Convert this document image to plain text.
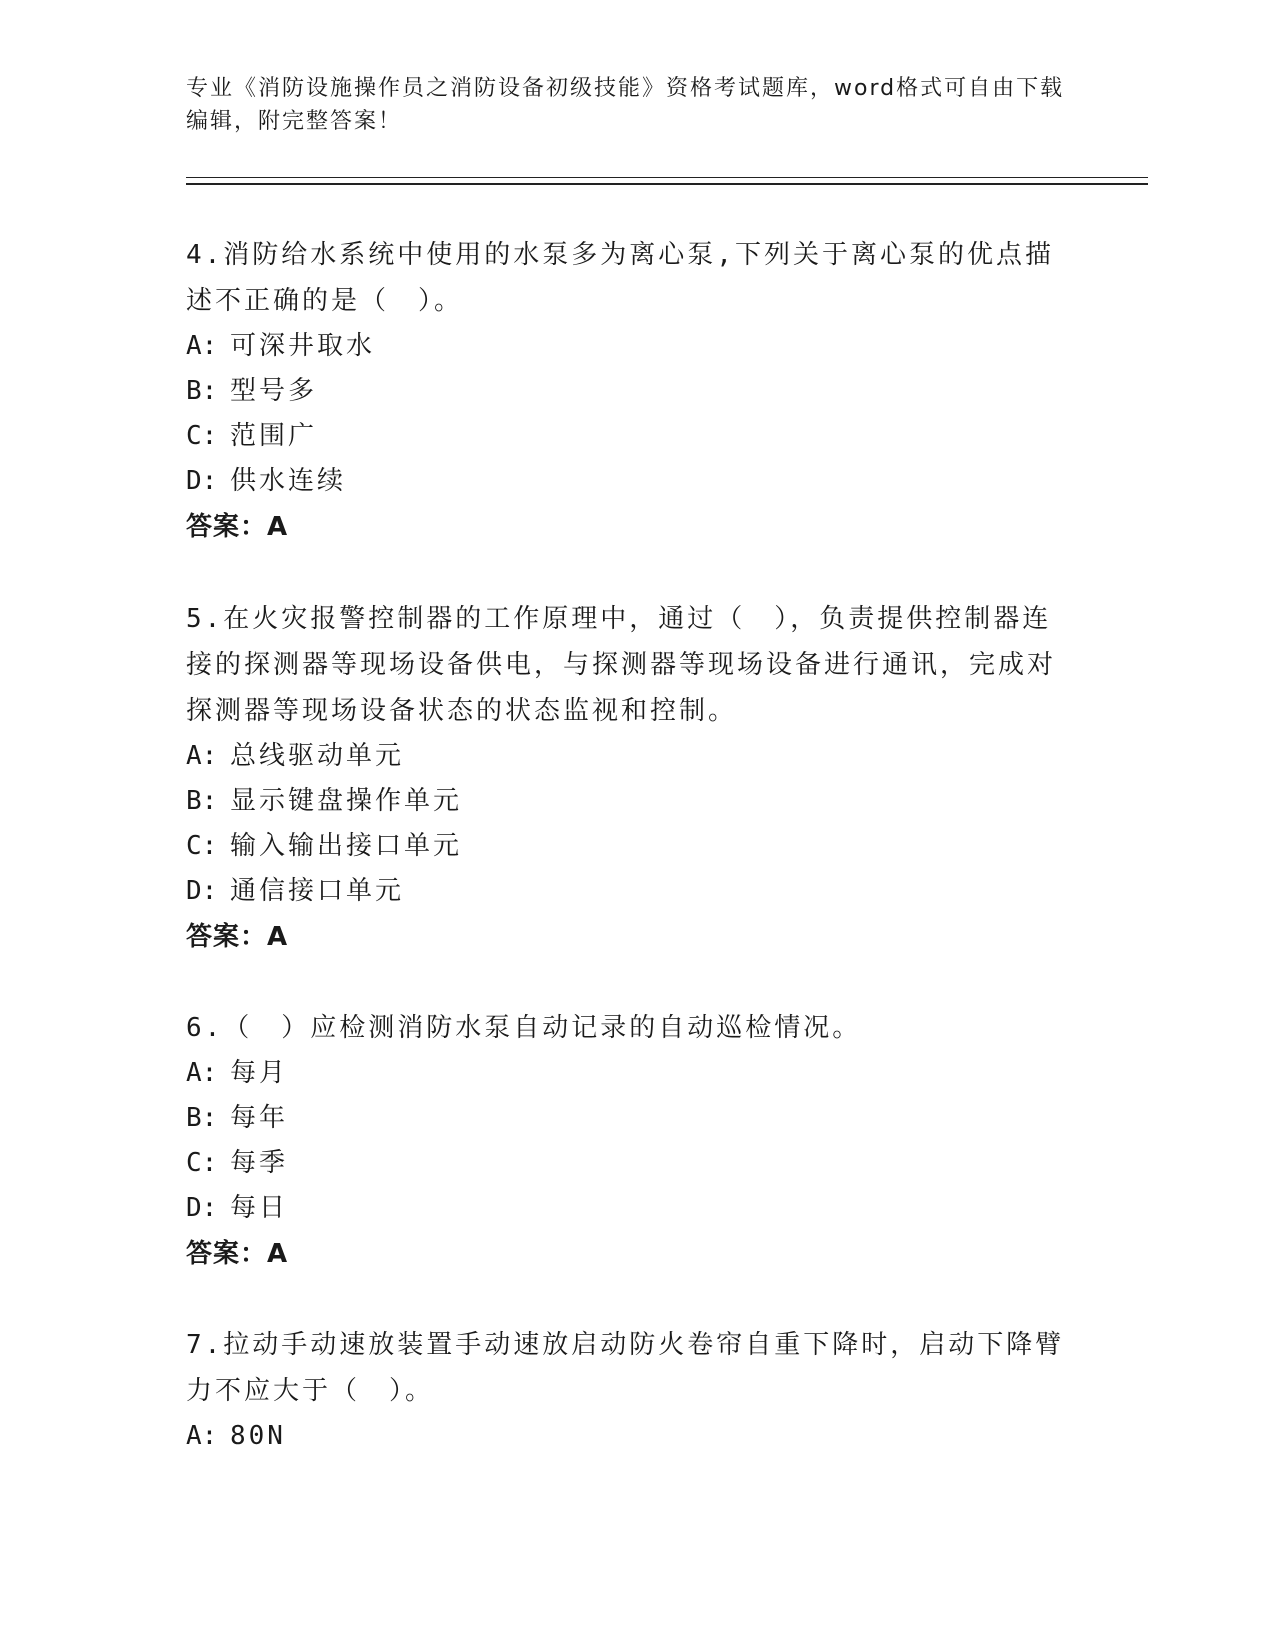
专业《消防设施操作员之消防设备初级技能》资格考试题库，word格式可自由下载编辑，附完整答案！

4.消防给水系统中使用的水泵多为离心泵,下列关于离心泵的优点描述不正确的是（　）。

A: 可深井取水

B: 型号多

C: 范围广

D: 供水连续

答案：A

5.在火灾报警控制器的工作原理中，通过（　），负责提供控制器连接的探测器等现场设备供电，与探测器等现场设备进行通讯，完成对探测器等现场设备状态的状态监视和控制。

A: 总线驱动单元

B: 显示键盘操作单元

C: 输入输出接口单元

D: 通信接口单元

答案：A

6.（　）应检测消防水泵自动记录的自动巡检情况。

A: 每月

B: 每年

C: 每季

D: 每日

答案：A

7.拉动手动速放装置手动速放启动防火卷帘自重下降时，启动下降臂力不应大于（　）。

A: 80N
